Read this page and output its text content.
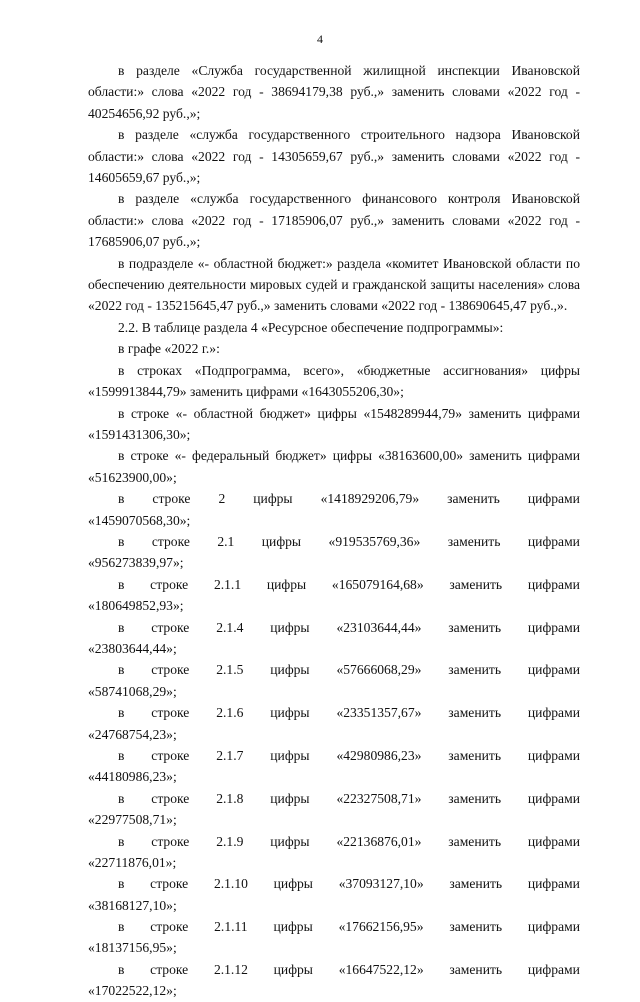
4

в разделе «Служба государственной жилищной инспекции Ивановской области:» слова «2022 год - 38694179,38 руб.,» заменить словами «2022 год - 40254656,92 руб.,»;

в разделе «служба государственного строительного надзора Ивановской области:» слова «2022 год - 14305659,67 руб.,» заменить словами «2022 год - 14605659,67 руб.,»;

в разделе «служба государственного финансового контроля Ивановской области:» слова «2022 год - 17185906,07 руб.,» заменить словами «2022 год - 17685906,07 руб.,»;

в подразделе «- областной бюджет:» раздела «комитет Ивановской области по обеспечению деятельности мировых судей и гражданской защиты населения» слова «2022 год - 135215645,47 руб.,» заменить словами «2022 год - 138690645,47 руб.,».

2.2. В таблице раздела 4 «Ресурсное обеспечение подпрограммы»:

в графе «2022 г.»:

в строках «Подпрограмма, всего», «бюджетные ассигнования» цифры «1599913844,79» заменить цифрами «1643055206,30»;

в строке «- областной бюджет» цифры «1548289944,79» заменить цифрами «1591431306,30»;

в строке «- федеральный бюджет» цифры «38163600,00» заменить цифрами «51623900,00»;

в строке 2 цифры «1418929206,79» заменить цифрами
«1459070568,30»;
в строке 2.1 цифры «919535769,36» заменить цифрами
«956273839,97»;
в строке 2.1.1 цифры «165079164,68» заменить цифрами
«180649852,93»;
в строке 2.1.4 цифры «23103644,44» заменить цифрами
«23803644,44»;
в строке 2.1.5 цифры «57666068,29» заменить цифрами
«58741068,29»;
в строке 2.1.6 цифры «23351357,67» заменить цифрами
«24768754,23»;
в строке 2.1.7 цифры «42980986,23» заменить цифрами
«44180986,23»;
в строке 2.1.8 цифры «22327508,71» заменить цифрами
«22977508,71»;
в строке 2.1.9 цифры «22136876,01» заменить цифрами
«22711876,01»;
в строке 2.1.10 цифры «37093127,10» заменить цифрами
«38168127,10»;
в строке 2.1.11 цифры «17662156,95» заменить цифрами
«18137156,95»;
в строке 2.1.12 цифры «16647522,12» заменить цифрами
«17022522,12»;
